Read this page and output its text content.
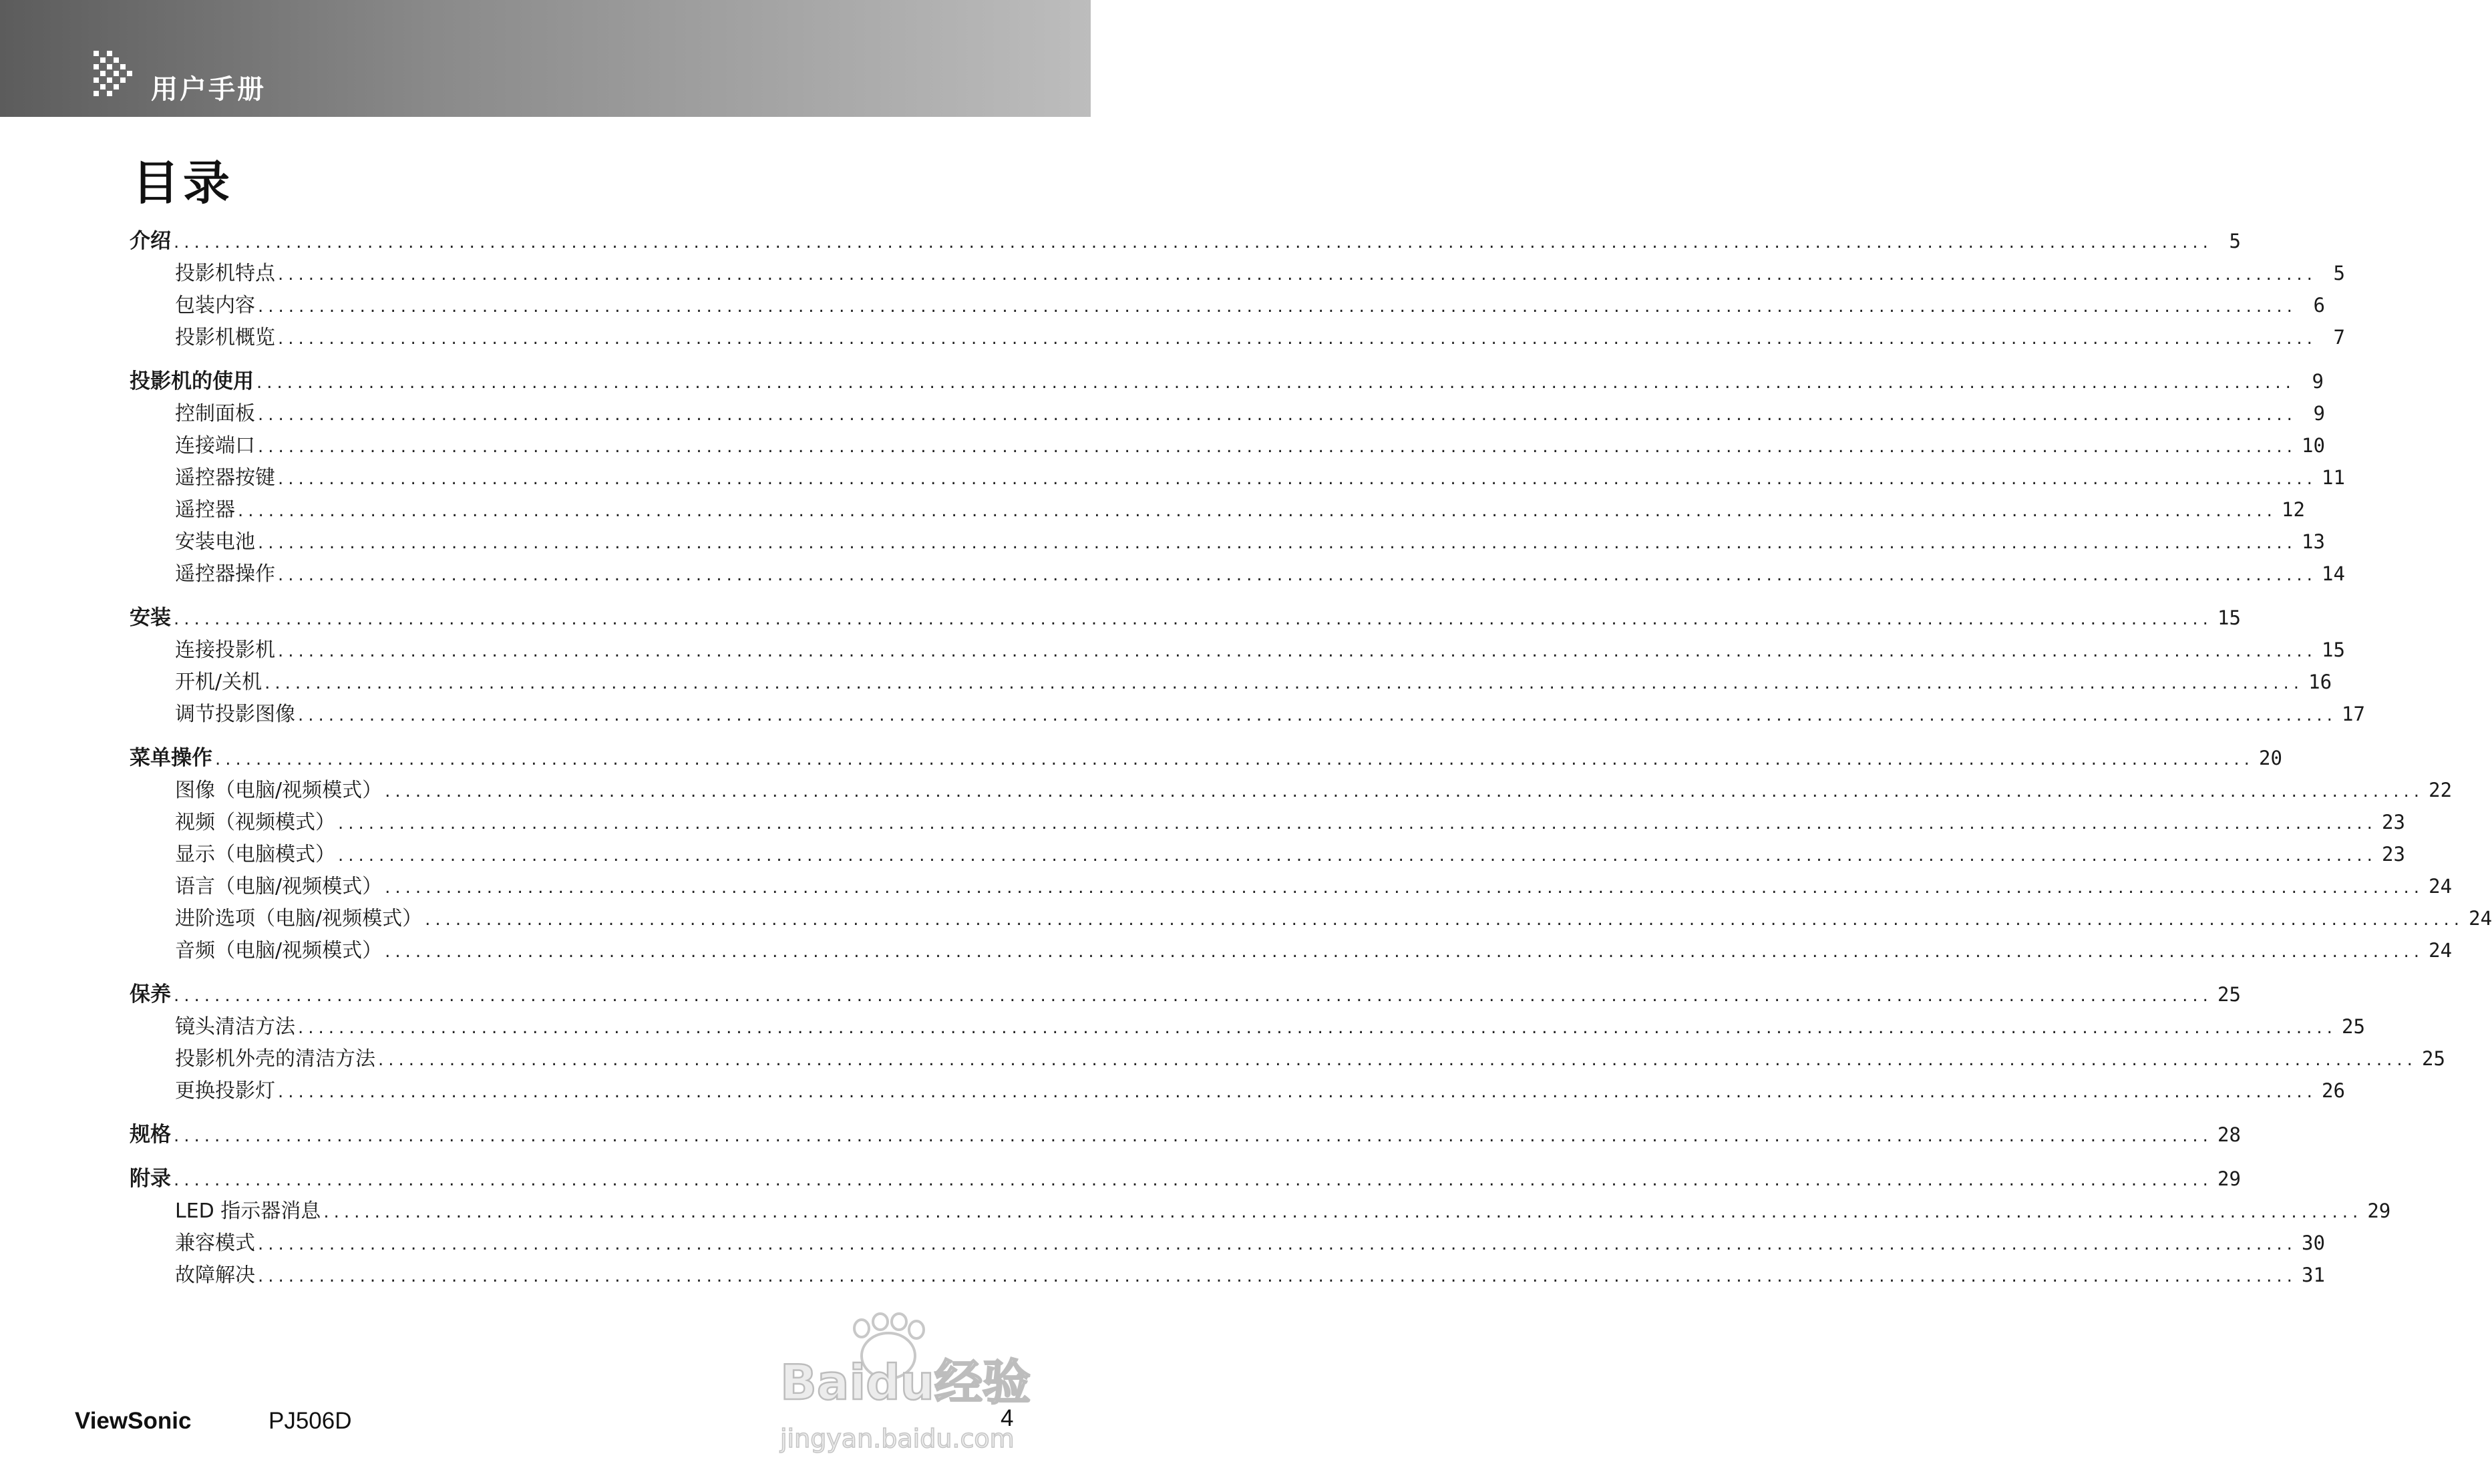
用户手册
目录
介绍 ........................................................................................................................................................................................................ 5
投影机特点 ........................................................................................................................................................................................................ 5
包装内容 ........................................................................................................................................................................................................ 6
投影机概览 ........................................................................................................................................................................................................ 7
投影机的使用 ........................................................................................................................................................................................................ 9
控制面板 ........................................................................................................................................................................................................ 9
连接端口 ........................................................................................................................................................................................................ 10
遥控器按键 ........................................................................................................................................................................................................ 11
遥控器 ........................................................................................................................................................................................................ 12
安装电池 ........................................................................................................................................................................................................ 13
遥控器操作 ........................................................................................................................................................................................................ 14
安装 ........................................................................................................................................................................................................ 15
连接投影机 ........................................................................................................................................................................................................ 15
开机/关机 ........................................................................................................................................................................................................ 16
调节投影图像 ........................................................................................................................................................................................................ 17
菜单操作 ........................................................................................................................................................................................................ 20
图像（电脑/视频模式） ........................................................................................................................................................................................................ 22
视频（视频模式） ........................................................................................................................................................................................................ 23
显示（电脑模式） ........................................................................................................................................................................................................ 23
语言（电脑/视频模式） ........................................................................................................................................................................................................ 24
进阶选项（电脑/视频模式） ........................................................................................................................................................................................................ 24
音频（电脑/视频模式） ........................................................................................................................................................................................................ 24
保养 ........................................................................................................................................................................................................ 25
镜头清洁方法 ........................................................................................................................................................................................................ 25
投影机外壳的清洁方法 ........................................................................................................................................................................................................ 25
更换投影灯 ........................................................................................................................................................................................................ 26
规格 ........................................................................................................................................................................................................ 28
附录 ........................................................................................................................................................................................................ 29
LED 指示器消息 ........................................................................................................................................................................................................ 29
兼容模式 ........................................................................................................................................................................................................ 30
故障解决 ........................................................................................................................................................................................................ 31
ViewSonic	PJ506D	4
Baidu经验
jingyan.baidu.com
